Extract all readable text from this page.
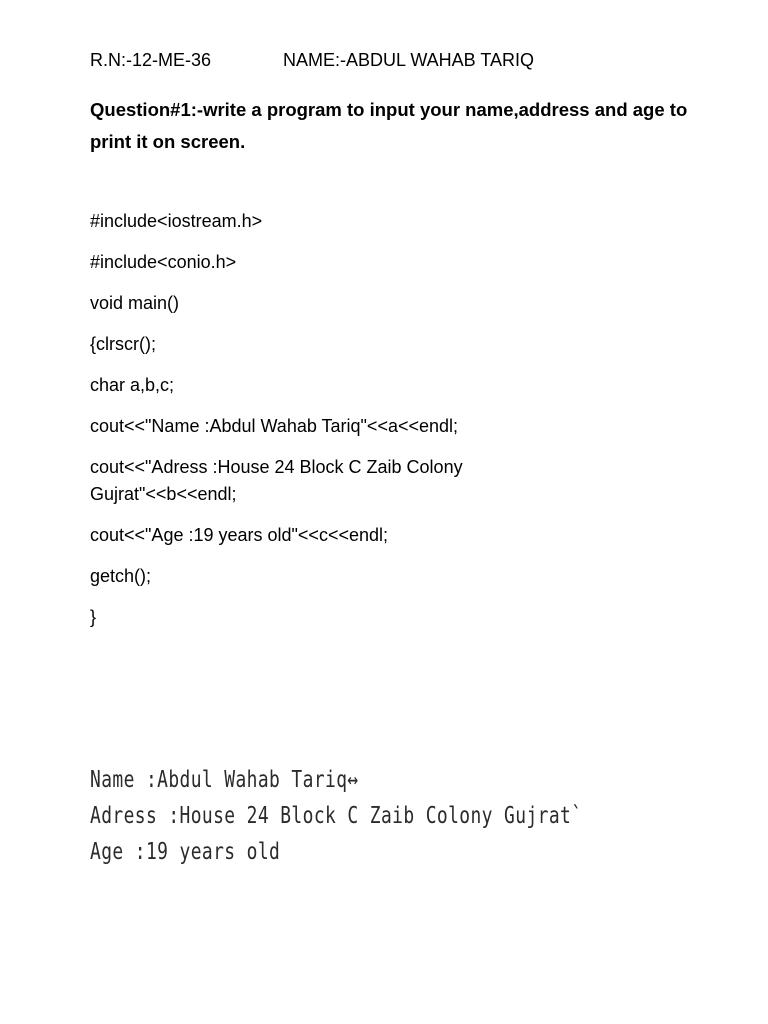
R.N:-12-ME-36	NAME:-ABDUL WAHAB TARIQ
Question#1:-write a program to input your name,address and age to print it on screen.
#include<iostream.h>
#include<conio.h>
void main()
{clrscr();
char a,b,c;
cout<<"Name :Abdul Wahab Tariq"<<a<<endl;
cout<<"Adress :House 24 Block C Zaib Colony Gujrat"<<b<<endl;
cout<<"Age :19 years old"<<c<<endl;
getch();
}
Name :Abdul Wahab Tariq↔
Adress :House 24 Block C Zaib Colony Gujrat`
Age :19 years old
